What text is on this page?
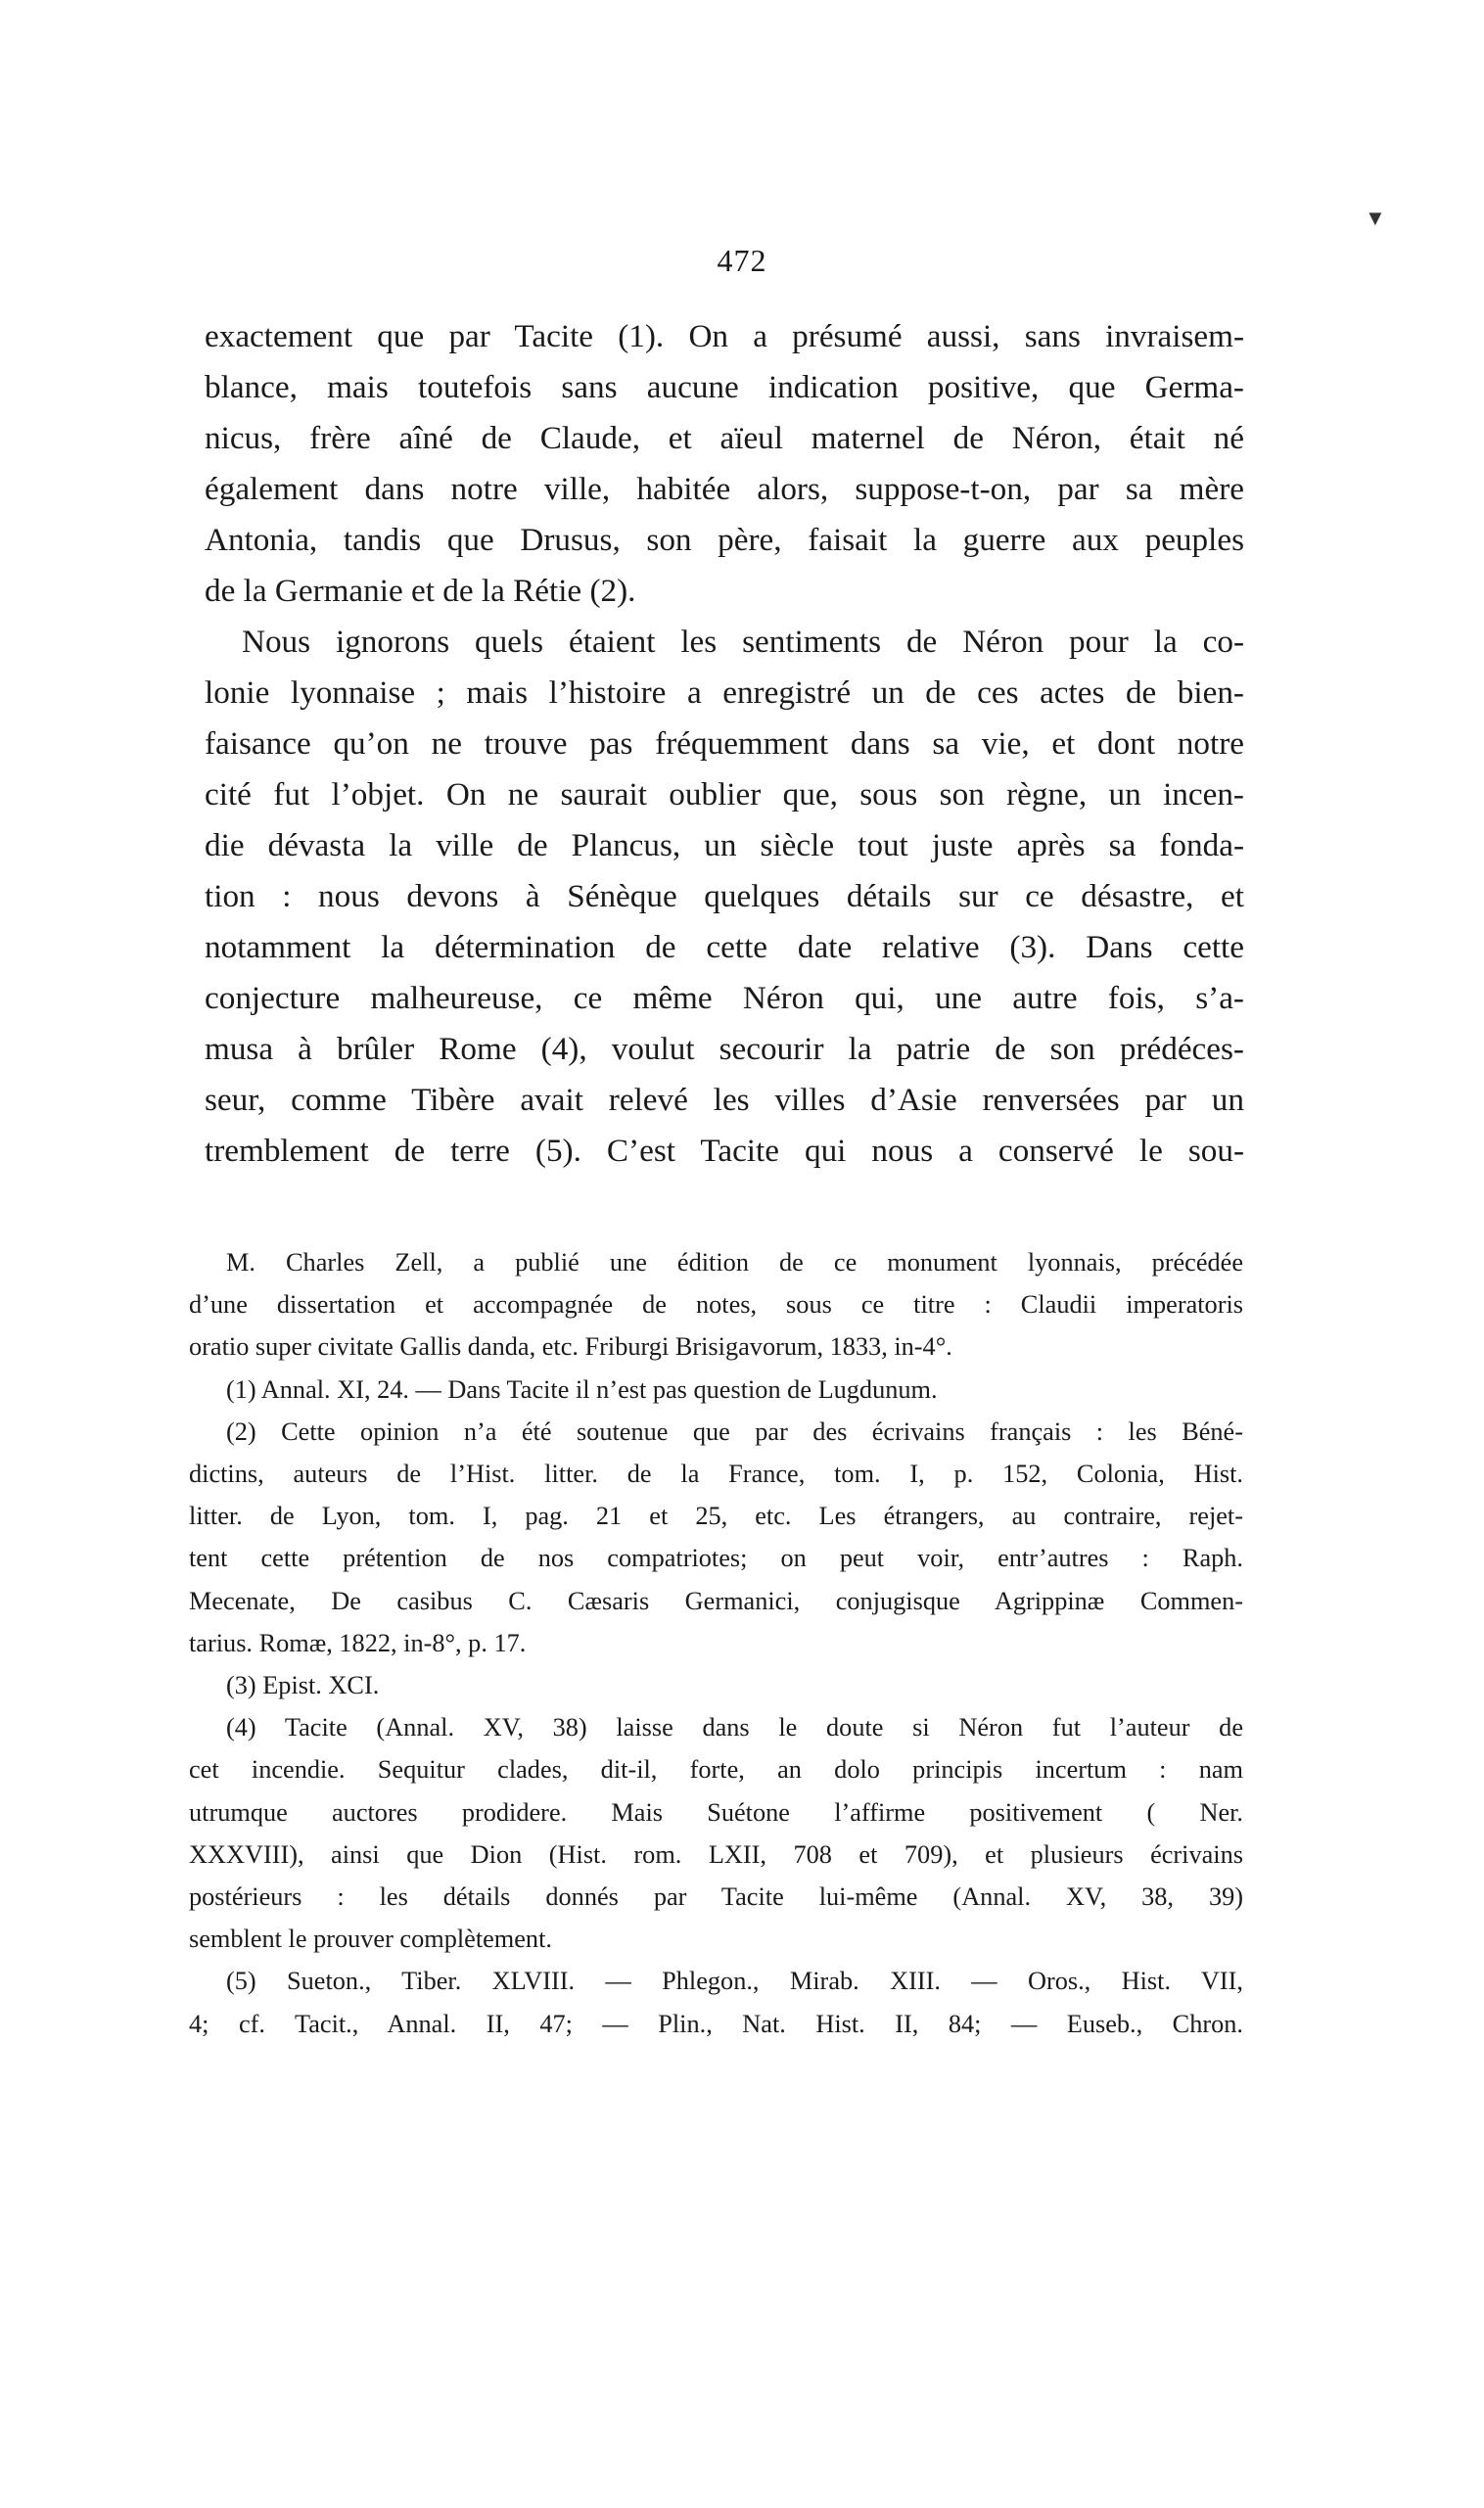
▼
472
exactement que par Tacite (1). On a présumé aussi, sans invraisem-
blance, mais toutefois sans aucune indication positive, que Germa-
nicus, frère aîné de Claude, et aïeul maternel de Néron, était né
également dans notre ville, habitée alors, suppose-t-on, par sa mère
Antonia, tandis que Drusus, son père, faisait la guerre aux peuples
de la Germanie et de la Rétie (2).
Nous ignorons quels étaient les sentiments de Néron pour la co-
lonie lyonnaise ; mais l’histoire a enregistré un de ces actes de bien-
faisance qu’on ne trouve pas fréquemment dans sa vie, et dont notre
cité fut l’objet. On ne saurait oublier que, sous son règne, un incen-
die dévasta la ville de Plancus, un siècle tout juste après sa fonda-
tion : nous devons à Sénèque quelques détails sur ce désastre, et
notamment la détermination de cette date relative (3). Dans cette
conjecture malheureuse, ce même Néron qui, une autre fois, s’a-
musa à brûler Rome (4), voulut secourir la patrie de son prédéces-
seur, comme Tibère avait relevé les villes d’Asie renversées par un
tremblement de terre (5). C’est Tacite qui nous a conservé le sou-
M. Charles Zell, a publié une édition de ce monument lyonnais, précédée
d’une dissertation et accompagnée de notes, sous ce titre : Claudii imperatoris
oratio super civitate Gallis danda, etc. Friburgi Brisigavorum, 1833, in-4°.
(1) Annal. XI, 24. — Dans Tacite il n’est pas question de Lugdunum.
(2) Cette opinion n’a été soutenue que par des écrivains français : les Béné-
dictins, auteurs de l’Hist. litter. de la France, tom. I, p. 152, Colonia, Hist.
litter. de Lyon, tom. I, pag. 21 et 25, etc. Les étrangers, au contraire, rejet-
tent cette prétention de nos compatriotes; on peut voir, entr’autres : Raph.
Mecenate, De casibus C. Cæsaris Germanici, conjugisque Agrippinæ Commen-
tarius. Romæ, 1822, in-8°, p. 17.
(3) Epist. XCI.
(4) Tacite (Annal. XV, 38) laisse dans le doute si Néron fut l’auteur de
cet incendie. Sequitur clades, dit-il, forte, an dolo principis incertum : nam
utrumque auctores prodidere. Mais Suétone l’affirme positivement ( Ner.
XXXVIII), ainsi que Dion (Hist. rom. LXII, 708 et 709), et plusieurs écrivains
postérieurs : les détails donnés par Tacite lui-même (Annal. XV, 38, 39)
semblent le prouver complètement.
(5) Sueton., Tiber. XLVIII. — Phlegon., Mirab. XIII. — Oros., Hist. VII,
4; cf. Tacit., Annal. II, 47; — Plin., Nat. Hist. II, 84; — Euseb., Chron.
